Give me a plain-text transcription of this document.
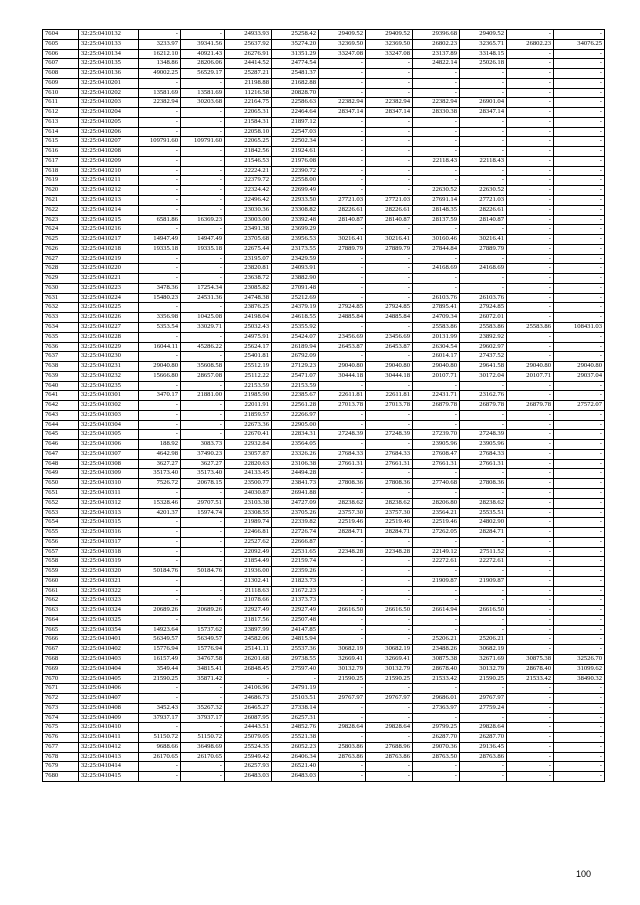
7604	32:25:0410132	-	-	24933.93	25258.42	29409.52	29409.52	29396.68	29409.52	-	-
7605	32:25:0410133	3233.97	39341.56	25637.92	35274.20	32369.50	32369.50	26802.23	32365.71	26802.23	34076.25
7606	32:25:0410134	16212.10	40921.43	26276.91	31351.29	33247.08	33247.08	23137.89	33148.15	-	-
7607	32:25:0410135	1348.86	28206.06	24414.52	24774.54	-	-	24822.14	25026.18	-	-
7608	32:25:0410136	49002.25	56529.17	25287.21	25481.37	-	-	-	-	-	-
7609	32:25:0410201	-	-	21198.88	21682.88	-	-	-	-	-	-
7610	32:25:0410202	13581.69	13581.69	11216.58	20828.70	-	-	-	-	-	-
7611	32:25:0410203	22382.94	30203.68	22164.75	22586.63	22382.94	22382.94	22382.94	26901.04	-	-
7612	32:25:0410204	-	-	22065.31	22464.64	28347.14	28347.14	28330.38	28347.14	-	-
7613	32:25:0410205	-	-	21584.31	21897.12	-	-	-	-	-	-
7614	32:25:0410206	-	-	22058.10	22547.03	-	-	-	-	-	-
7615	32:25:0410207	109791.60	109791.60	22065.25	22502.34	-	-	-	-	-	-
7616	32:25:0410208	-	-	21842.56	21924.61	-	-	-	-	-	-
7617	32:25:0410209	-	-	21546.53	21976.08	-	-	22118.43	22118.43	-	-
7618	32:25:0410210	-	-	22224.21	22390.72	-	-	-	-	-	-
7619	32:25:0410211	-	-	22379.72	22558.00	-	-	-	-	-	-
7620	32:25:0410212	-	-	22324.42	22699.49	-	-	22630.52	22630.52	-	-
7621	32:25:0410213	-	-	22496.42	22933.50	27721.03	27721.03	27691.14	27721.03	-	-
7622	32:25:0410214	-	-	23030.36	23308.82	28226.61	28226.61	28148.35	28226.61	-	-
7623	32:25:0410215	6581.86	16369.23	23003.00	23392.48	28140.87	28140.87	28137.59	28140.87	-	-
7624	32:25:0410216	-	-	23491.38	23699.29	-	-	-	-	-	-
7625	32:25:0410217	14947.49	14947.49	23705.68	23956.53	30216.41	30216.41	30160.46	30216.41	-	-
7626	32:25:0410218	19335.18	19335.18	22675.44	23173.55	27889.79	27889.79	27844.84	27889.79	-	-
7627	32:25:0410219	-	-	23195.07	23429.59	-	-	-	-	-	-
7628	32:25:0410220	-	-	23820.81	24093.91	-	-	24168.69	24168.69	-	-
7629	32:25:0410221	-	-	23638.72	23882.90	-	-	-	-	-	-
7630	32:25:0410223	3478.36	17254.34	23085.82	27091.48	-	-	-	-	-	-
7631	32:25:0410224	15480.23	24531.36	24748.38	25212.69	-	-	26103.76	26103.76	-	-
7632	32:25:0410225	-	-	23876.25	24379.19	27924.85	27924.85	27895.41	27924.85	-	-
7633	32:25:0410226	3356.98	10425.08	24198.04	24618.55	24885.84	24885.84	24709.34	26072.01	-	-
7634	32:25:0410227	5353.54	33029.71	25032.43	25355.92	-	-	25583.86	25583.86	25583.86	108431.03
7635	32:25:0410228	-	-	24975.91	25424.07	23456.69	23456.69	20131.99	23892.92	-	-
7636	32:25:0410229	16044.11	45286.22	25624.17	26189.94	26453.87	26453.87	26304.54	29602.97	-	-
7637	32:25:0410230	-	-	25401.81	26792.09	-	-	26014.17	27437.52	-	-
7638	32:25:0410231	29040.80	35608.58	25512.19	27129.23	29040.80	29040.80	29040.80	29641.58	29040.80	29040.80
7639	32:25:0410232	15666.80	28657.08	25112.22	25471.07	30444.18	30444.18	20107.71	30172.04	20107.71	29037.04
7640	32:25:0410235	-	-	22153.59	22153.59	-	-	-	-	-	-
7641	32:25:0410301	3470.17	21881.00	21985.90	22385.67	22611.81	22611.81	22431.71	23162.76	-	-
7642	32:25:0410302	-	-	22011.91	22561.28	27013.78	27013.78	26879.78	26879.78	26879.78	27572.07
7643	32:25:0410303	-	-	21859.57	22266.97	-	-	-	-	-	-
7644	32:25:0410304	-	-	22673.36	22905.00	-	-	-	-	-	-
7645	32:25:0410305	-	-	22670.41	22834.31	27248.39	27248.39	27239.70	27248.39	-	-
7646	32:25:0410306	188.92	3083.73	22932.84	23564.05	-	-	23905.96	23905.96	-	-
7647	32:25:0410307	4642.98	37490.23	23057.87	23326.26	27684.33	27684.33	27608.47	27684.33	-	-
7648	32:25:0410308	3627.27	3627.27	22820.63	23106.38	27661.31	27661.31	27661.31	27661.31	-	-
7649	32:25:0410309	35173.40	35173.40	24133.45	24494.28	-	-	-	-	-	-
7650	32:25:0410310	7526.72	20678.15	23500.77	23841.73	27808.36	27808.36	27740.68	27808.36	-	-
7651	32:25:0410311	-	-	24030.87	26941.88	-	-	-	-	-	-
7652	32:25:0410312	15328.46	29707.51	23103.38	24727.09	28238.62	28238.62	28206.80	28238.62	-	-
7653	32:25:0410313	4201.37	15974.74	23308.55	23705.26	23757.30	23757.30	23564.21	25535.51	-	-
7654	32:25:0410315	-	-	21989.74	22339.82	22519.46	22519.46	22519.46	24802.90	-	-
7655	32:25:0410316	-	-	22466.81	22726.74	28284.71	28284.71	27262.05	28284.71	-	-
7656	32:25:0410317	-	-	22527.62	22666.87	-	-	-	-	-	-
7657	32:25:0410318	-	-	22092.49	22531.65	22348.28	22348.28	22149.12	27511.52	-	-
7658	32:25:0410319	-	-	21854.49	22159.74	-	-	22272.61	22272.61	-	-
7659	32:25:0410320	50184.76	50184.76	21936.00	22359.26	-	-	-	-	-	-
7660	32:25:0410321	-	-	21302.41	21823.73	-	-	21909.87	21909.87	-	-
7661	32:25:0410322	-	-	21118.63	21672.23	-	-	-	-	-	-
7662	32:25:0410323	-	-	21078.66	21373.73	-	-	-	-	-	-
7663	32:25:0410324	20689.26	20689.26	22927.49	22927.49	26616.50	26616.50	26614.94	26616.50	-	-
7664	32:25:0410325	-	-	21817.56	22507.48	-	-	-	-	-	-
7665	32:25:0410354	14923.64	15737.62	23897.99	24147.85	-	-	-	-	-	-
7666	32:25:0410401	56349.57	56349.57	24582.06	24815.94	-	-	25206.21	25206.21	-	-
7667	32:25:0410402	15776.94	15776.94	25141.11	25537.36	30682.19	30682.19	23488.26	30682.19	-	-
7668	32:25:0410403	16157.49	34767.58	26201.68	29738.55	32669.41	32669.41	30875.38	32671.69	30875.38	32526.70
7669	32:25:0410404	3549.44	34815.41	26848.45	27597.40	30132.79	30132.79	28678.40	30132.79	28678.40	31099.62
7670	32:25:0410405	21590.25	35871.42	-	-	21590.25	21590.25	21533.42	21590.25	21533.42	38490.32
7671	32:25:0410406	-	-	24106.96	24791.19	-	-	-	-	-	-
7672	32:25:0410407	-	-	24686.73	25103.51	29767.97	29767.97	29686.01	29767.97	-	-
7673	32:25:0410408	3452.43	35267.32	26465.27	27338.14	-	-	27363.97	27759.24	-	-
7674	32:25:0410409	37937.17	37937.17	26087.95	26257.31	-	-	-	-	-	-
7675	32:25:0410410	-	-	24443.51	24852.76	29828.64	29828.64	29799.25	29828.64	-	-
7676	32:25:0410411	51150.72	51150.72	25079.05	25521.38	-	-	26287.70	26287.70	-	-
7677	32:25:0410412	9688.66	36498.69	25524.35	26052.23	25803.86	27688.96	29070.36	29136.45	-	-
7678	32:25:0410413	26170.65	26170.65	25949.42	26406.34	28763.86	28763.86	28763.50	28763.86	-	-
7679	32:25:0410414	-	-	26257.93	26521.40	-	-	-	-	-	-
7680	32:25:0410415	-	-	26483.03	26483.03	-	-	-	-	-	-
100
